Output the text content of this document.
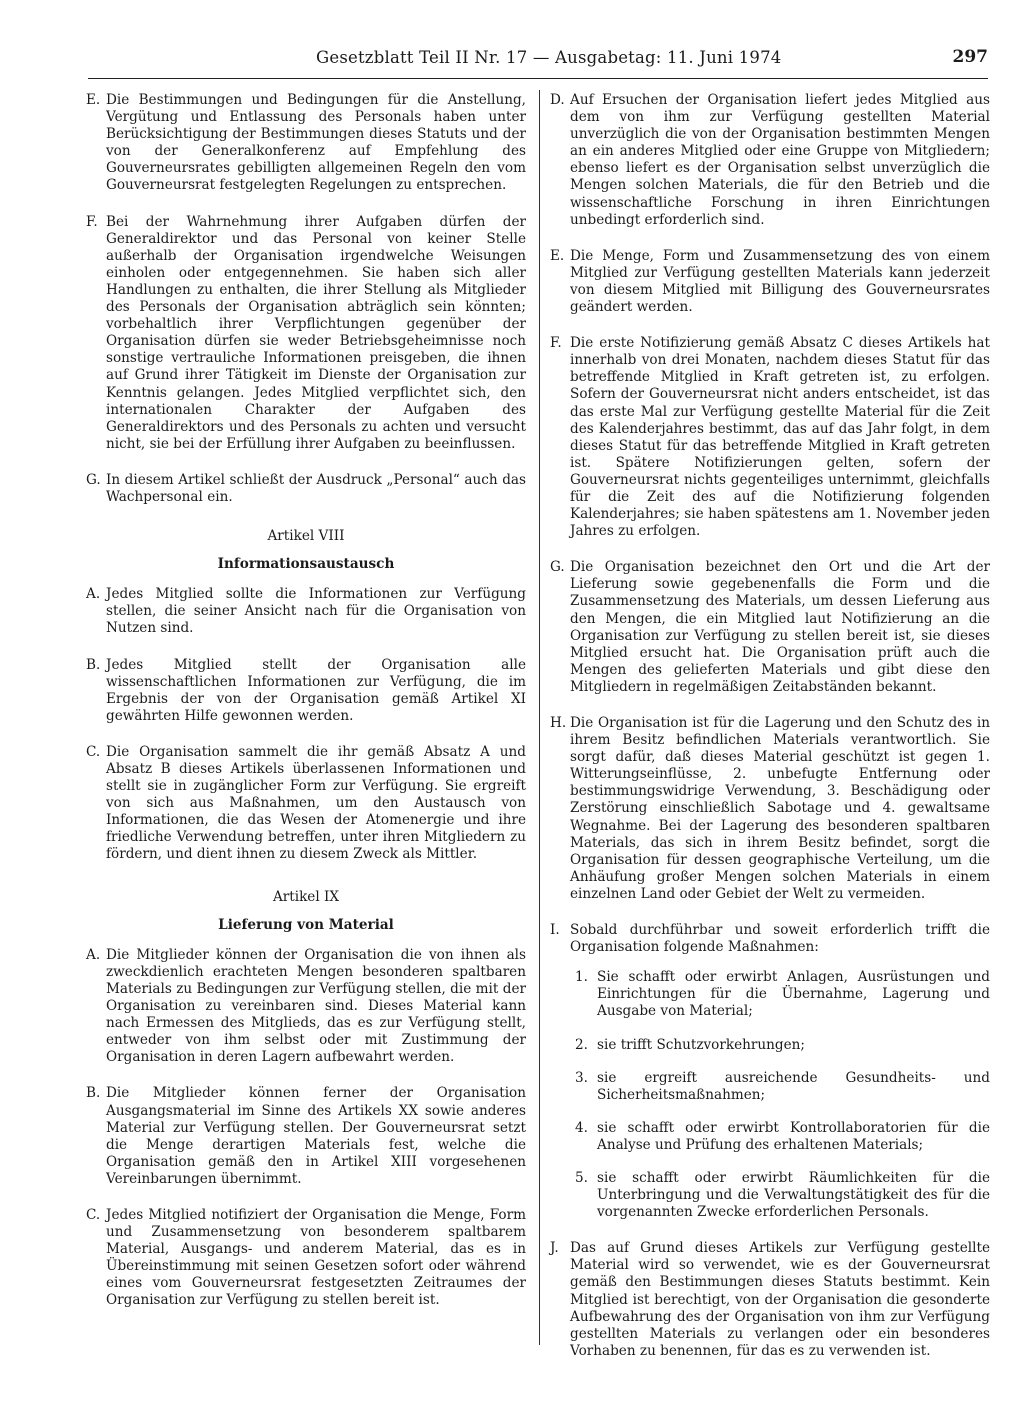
Gesetzblatt Teil II Nr. 17 — Ausgabetag: 11. Juni 1974	297
E. Die Bestimmungen und Bedingungen für die Anstellung, Vergütung und Entlassung des Personals haben unter Berücksichtigung der Bestimmungen dieses Statuts und der von der Generalkonferenz auf Empfehlung des Gouverneursrates gebilligten allgemeinen Regeln den vom Gouverneursrat festgelegten Regelungen zu entsprechen.
F. Bei der Wahrnehmung ihrer Aufgaben dürfen der Generaldirektor und das Personal von keiner Stelle außerhalb der Organisation irgendwelche Weisungen einholen oder entgegennehmen. Sie haben sich aller Handlungen zu enthalten, die ihrer Stellung als Mitglieder des Personals der Organisation abträglich sein könnten; vorbehaltlich ihrer Verpflichtungen gegenüber der Organisation dürfen sie weder Betriebsgeheimnisse noch sonstige vertrauliche Informationen preisgeben, die ihnen auf Grund ihrer Tätigkeit im Dienste der Organisation zur Kenntnis gelangen. Jedes Mitglied verpflichtet sich, den internationalen Charakter der Aufgaben des Generaldirektors und des Personals zu achten und versucht nicht, sie bei der Erfüllung ihrer Aufgaben zu beeinflussen.
G. In diesem Artikel schließt der Ausdruck „Personal“ auch das Wachpersonal ein.
Artikel VIII
Informationsaustausch
A. Jedes Mitglied sollte die Informationen zur Verfügung stellen, die seiner Ansicht nach für die Organisation von Nutzen sind.
B. Jedes Mitglied stellt der Organisation alle wissenschaftlichen Informationen zur Verfügung, die im Ergebnis der von der Organisation gemäß Artikel XI gewährten Hilfe gewonnen werden.
C. Die Organisation sammelt die ihr gemäß Absatz A und Absatz B dieses Artikels überlassenen Informationen und stellt sie in zugänglicher Form zur Verfügung. Sie ergreift von sich aus Maßnahmen, um den Austausch von Informationen, die das Wesen der Atomenergie und ihre friedliche Verwendung betreffen, unter ihren Mitgliedern zu fördern, und dient ihnen zu diesem Zweck als Mittler.
Artikel IX
Lieferung von Material
A. Die Mitglieder können der Organisation die von ihnen als zweckdienlich erachteten Mengen besonderen spaltbaren Materials zu Bedingungen zur Verfügung stellen, die mit der Organisation zu vereinbaren sind. Dieses Material kann nach Ermessen des Mitglieds, das es zur Verfügung stellt, entweder von ihm selbst oder mit Zustimmung der Organisation in deren Lagern aufbewahrt werden.
B. Die Mitglieder können ferner der Organisation Ausgangsmaterial im Sinne des Artikels XX sowie anderes Material zur Verfügung stellen. Der Gouverneursrat setzt die Menge derartigen Materials fest, welche die Organisation gemäß den in Artikel XIII vorgesehenen Vereinbarungen übernimmt.
C. Jedes Mitglied notifiziert der Organisation die Menge, Form und Zusammensetzung von besonderem spaltbarem Material, Ausgangs- und anderem Material, das es in Übereinstimmung mit seinen Gesetzen sofort oder während eines vom Gouverneursrat festgesetzten Zeitraumes der Organisation zur Verfügung zu stellen bereit ist.
D. Auf Ersuchen der Organisation liefert jedes Mitglied aus dem von ihm zur Verfügung gestellten Material unverzüglich die von der Organisation bestimmten Mengen an ein anderes Mitglied oder eine Gruppe von Mitgliedern; ebenso liefert es der Organisation selbst unverzüglich die Mengen solchen Materials, die für den Betrieb und die wissenschaftliche Forschung in ihren Einrichtungen unbedingt erforderlich sind.
E. Die Menge, Form und Zusammensetzung des von einem Mitglied zur Verfügung gestellten Materials kann jederzeit von diesem Mitglied mit Billigung des Gouverneursrates geändert werden.
F. Die erste Notifizierung gemäß Absatz C dieses Artikels hat innerhalb von drei Monaten, nachdem dieses Statut für das betreffende Mitglied in Kraft getreten ist, zu erfolgen. Sofern der Gouverneursrat nicht anders entscheidet, ist das das erste Mal zur Verfügung gestellte Material für die Zeit des Kalenderjahres bestimmt, das auf das Jahr folgt, in dem dieses Statut für das betreffende Mitglied in Kraft getreten ist. Spätere Notifizierungen gelten, sofern der Gouverneursrat nichts gegenteiliges unternimmt, gleichfalls für die Zeit des auf die Notifizierung folgenden Kalenderjahres; sie haben spätestens am 1. November jeden Jahres zu erfolgen.
G. Die Organisation bezeichnet den Ort und die Art der Lieferung sowie gegebenenfalls die Form und die Zusammensetzung des Materials, um dessen Lieferung aus den Mengen, die ein Mitglied laut Notifizierung an die Organisation zur Verfügung zu stellen bereit ist, sie dieses Mitglied ersucht hat. Die Organisation prüft auch die Mengen des gelieferten Materials und gibt diese den Mitgliedern in regelmäßigen Zeitabständen bekannt.
H. Die Organisation ist für die Lagerung und den Schutz des in ihrem Besitz befindlichen Materials verantwortlich. Sie sorgt dafür, daß dieses Material geschützt ist gegen 1. Witterungseinflüsse, 2. unbefugte Entfernung oder bestimmungswidrige Verwendung, 3. Beschädigung oder Zerstörung einschließlich Sabotage und 4. gewaltsame Wegnahme. Bei der Lagerung des besonderen spaltbaren Materials, das sich in ihrem Besitz befindet, sorgt die Organisation für dessen geographische Verteilung, um die Anhäufung großer Mengen solchen Materials in einem einzelnen Land oder Gebiet der Welt zu vermeiden.
I. Sobald durchführbar und soweit erforderlich trifft die Organisation folgende Maßnahmen:
1. Sie schafft oder erwirbt Anlagen, Ausrüstungen und Einrichtungen für die Übernahme, Lagerung und Ausgabe von Material;
2. sie trifft Schutzvorkehrungen;
3. sie ergreift ausreichende Gesundheits- und Sicherheitsmaßnahmen;
4. sie schafft oder erwirbt Kontrollaboratorien für die Analyse und Prüfung des erhaltenen Materials;
5. sie schafft oder erwirbt Räumlichkeiten für die Unterbringung und die Verwaltungstätigkeit des für die vorgenannten Zwecke erforderlichen Personals.
J. Das auf Grund dieses Artikels zur Verfügung gestellte Material wird so verwendet, wie es der Gouverneursrat gemäß den Bestimmungen dieses Statuts bestimmt. Kein Mitglied ist berechtigt, von der Organisation die gesonderte Aufbewahrung des der Organisation von ihm zur Verfügung gestellten Materials zu verlangen oder ein besonderes Vorhaben zu benennen, für das es zu verwenden ist.
